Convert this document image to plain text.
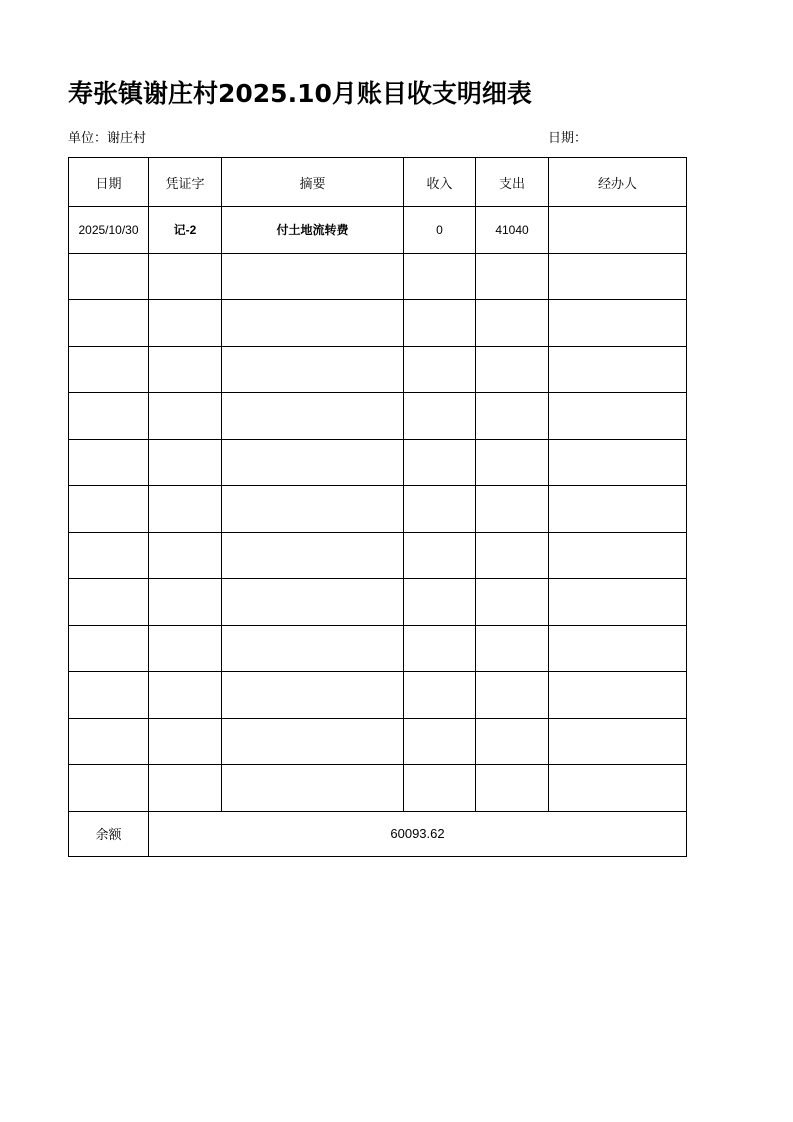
寿张镇谢庄村2025.10月账目收支明细表
单位：谢庄村	日期：
日期	凭证字	摘要	收入	支出	经办人
2025/10/30	记-2	付土地流转费	0	41040	

余额	60093.62				
